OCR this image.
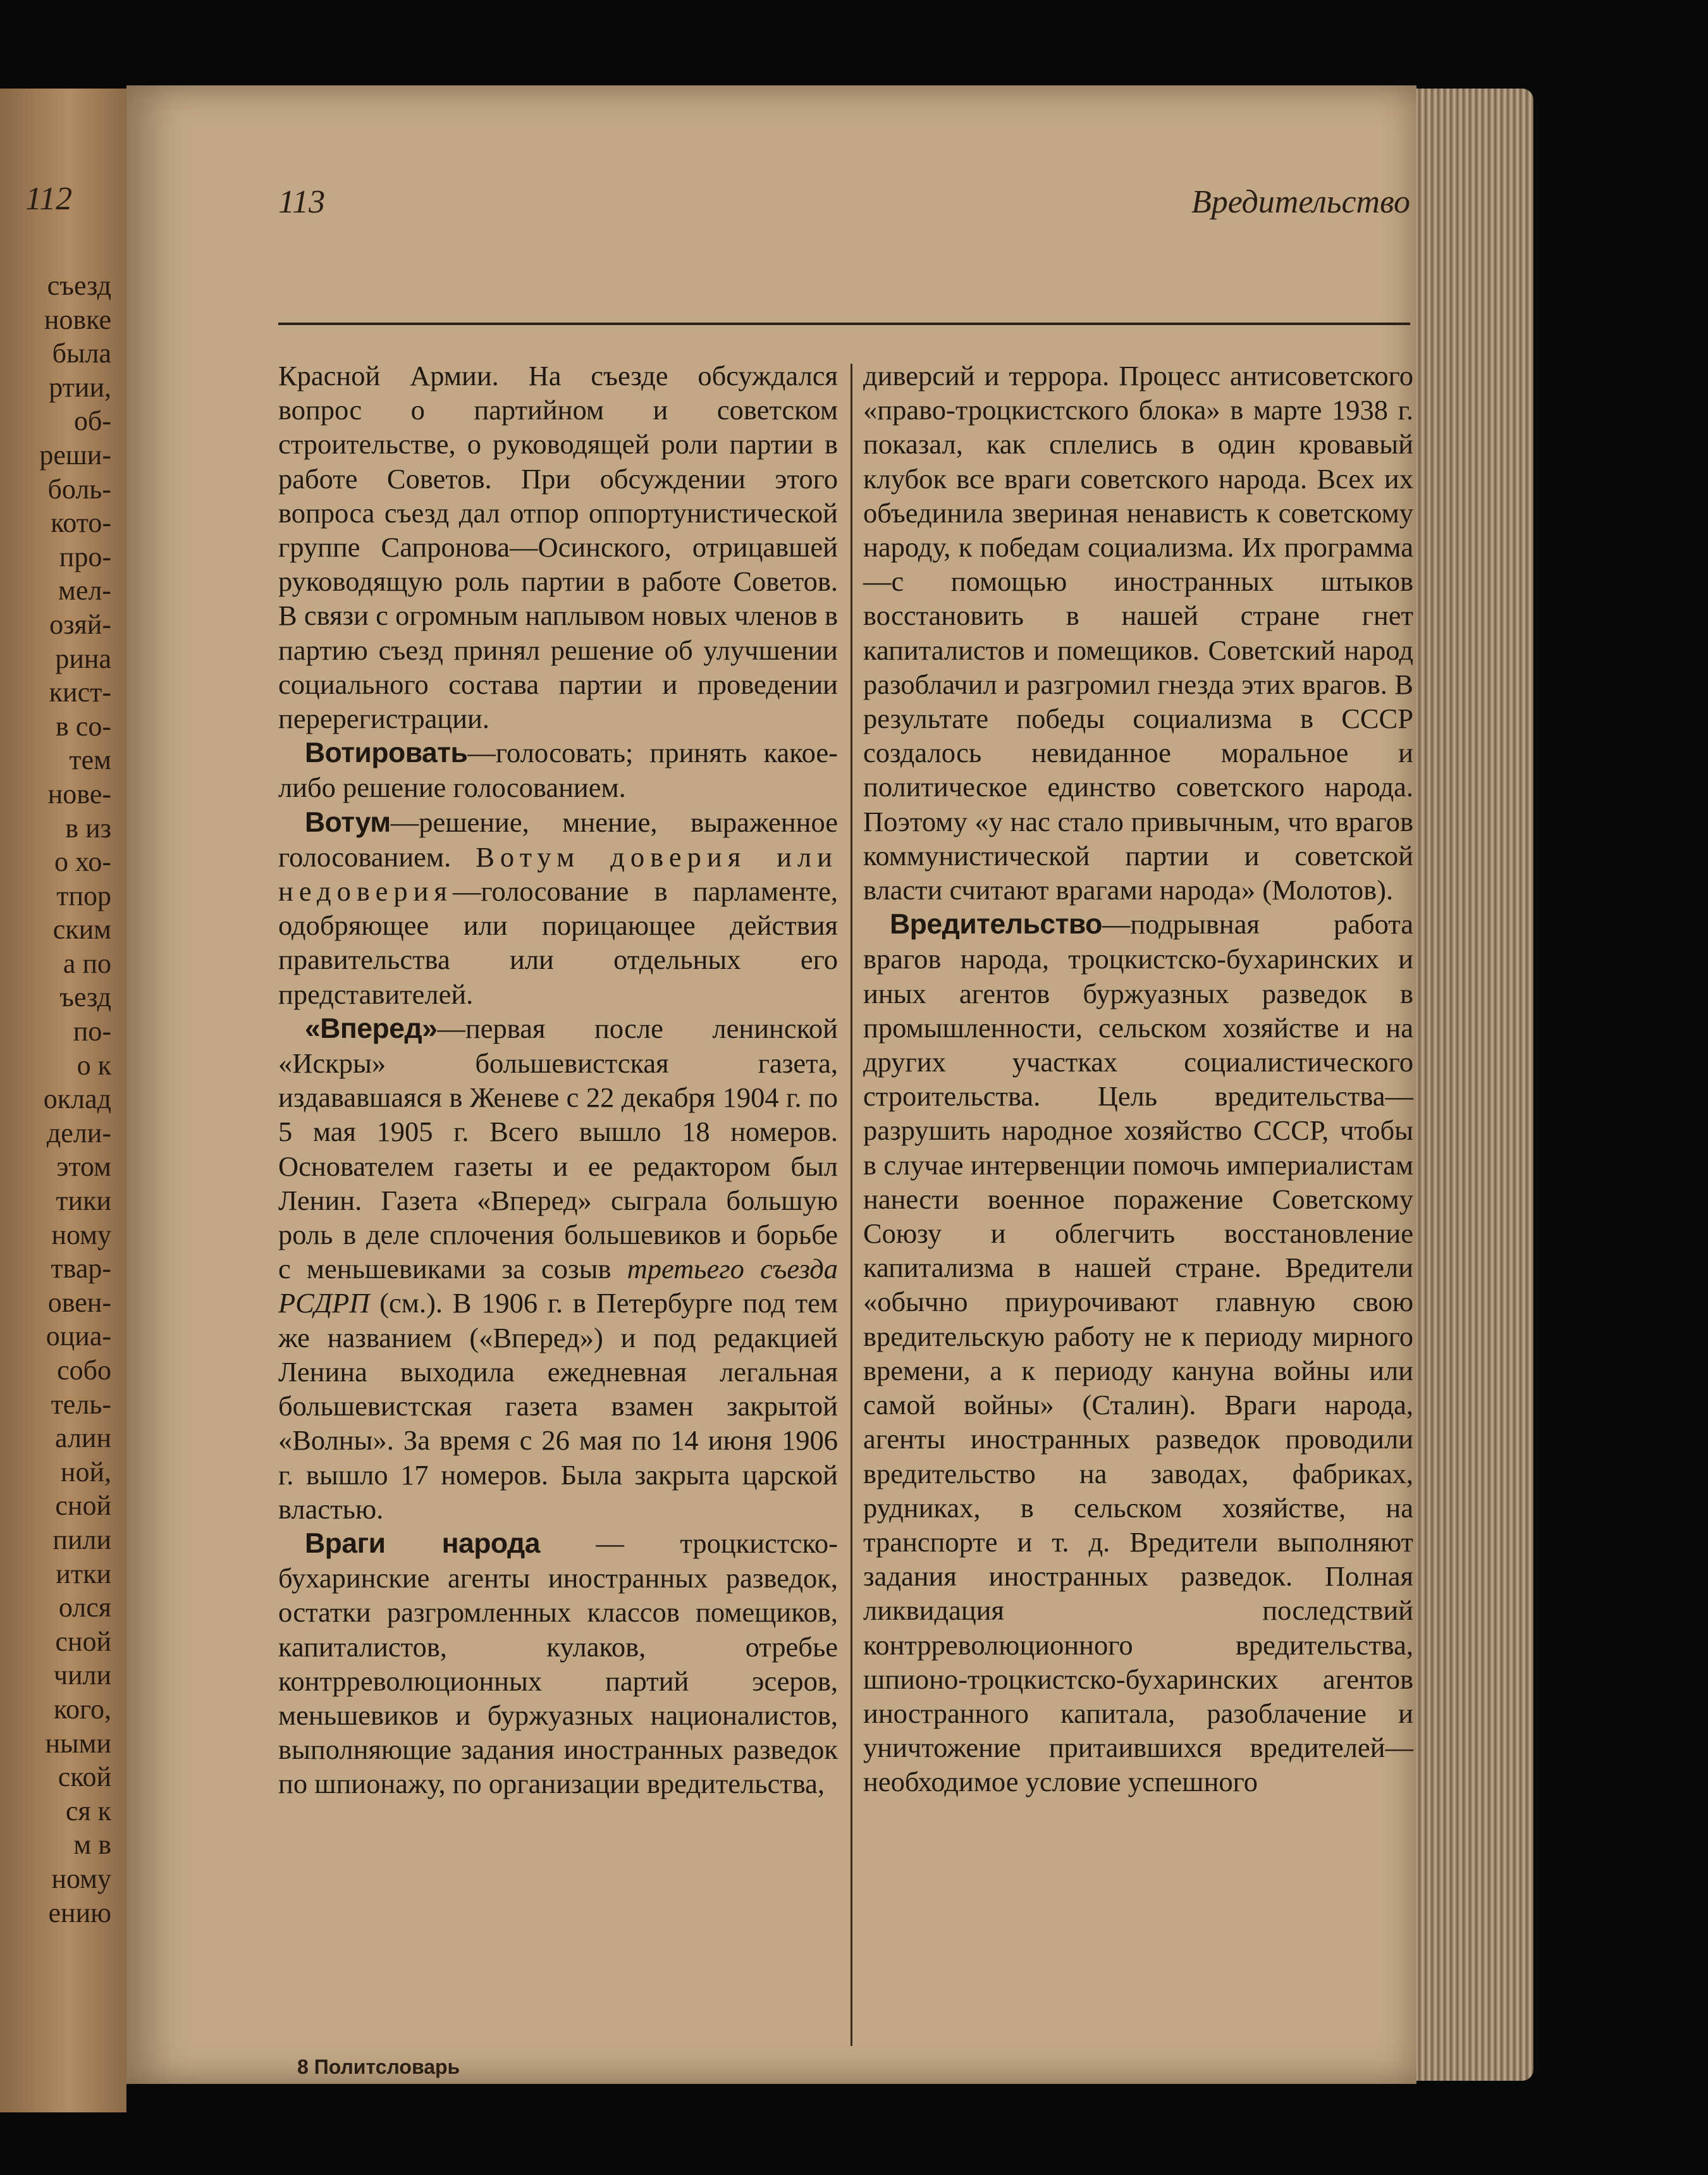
112
съезд
новке
была
ртии,
об-
реши-
боль-
кото-
про-
мел-
озяй-
рина
кист-
в со-
тем
нове-
в из
о хо-
тпор
ским
а по
ъезд
по-
о к
оклад
дели-
этом
тики
ному
твар-
овен-
оциа-
собо
тель-
алин
ной,
сной
пили
итки
олся
сной
чили
кого,
ными
ской
ся к
м в
ному
ению
113	Вредительство

Красной Армии. На съезде обсуждался вопрос о партийном и советском строительстве, о руководящей роли партии в работе Советов. При обсуждении этого вопроса съезд дал отпор оппортунистической группе Сапронова—Осинского, отрицавшей руководящую роль партии в работе Советов. В связи с огромным наплывом новых членов в партию съезд принял решение об улучшении социального состава партии и проведении перерегистрации.

Вотировать—голосовать; принять какое-либо решение голосованием.

Вотум—решение, мнение, выраженное голосованием. Вотум доверия или недоверия—голосование в парламенте, одобряющее или порицающее действия правительства или отдельных его представителей.

«Вперед»—первая после ленинской «Искры» большевистская газета, издававшаяся в Женеве с 22 декабря 1904 г. по 5 мая 1905 г. Всего вышло 18 номеров. Основателем газеты и ее редактором был Ленин. Газета «Вперед» сыграла большую роль в деле сплочения большевиков и борьбе с меньшевиками за созыв третьего съезда РСДРП (см.). В 1906 г. в Петербурге под тем же названием («Вперед») и под редакцией Ленина выходила ежедневная легальная большевистская газета взамен закрытой «Волны». За время с 26 мая по 14 июня 1906 г. вышло 17 номеров. Была закрыта царской властью.

Враги народа — троцкистско-бухаринские агенты иностранных разведок, остатки разгромленных классов помещиков, капиталистов, кулаков, отребье контрреволюционных партий эсеров, меньшевиков и буржуазных националистов, выполняющие задания иностранных разведок по шпионажу, по организации вредительства,

диверсий и террора. Процесс антисоветского «право-троцкистского блока» в марте 1938 г. показал, как сплелись в один кровавый клубок все враги советского народа. Всех их объединила звериная ненависть к советскому народу, к победам социализма. Их программа—с помощью иностранных штыков восстановить в нашей стране гнет капиталистов и помещиков. Советский народ разоблачил и разгромил гнезда этих врагов. В результате победы социализма в СССР создалось невиданное моральное и политическое единство советского народа. Поэтому «у нас стало привычным, что врагов коммунистической партии и советской власти считают врагами народа» (Молотов).

Вредительство—подрывная работа врагов народа, троцкистско-бухаринских и иных агентов буржуазных разведок в промышленности, сельском хозяйстве и на других участках социалистического строительства. Цель вредительства—разрушить народное хозяйство СССР, чтобы в случае интервенции помочь империалистам нанести военное поражение Советскому Союзу и облегчить восстановление капитализма в нашей стране. Вредители «обычно приурочивают главную свою вредительскую работу не к периоду мирного времени, а к периоду кануна войны или самой войны» (Сталин). Враги народа, агенты иностранных разведок проводили вредительство на заводах, фабриках, рудниках, в сельском хозяйстве, на транспорте и т. д. Вредители выполняют задания иностранных разведок. Полная ликвидация последствий контрреволюционного вредительства, шпионо-троцкистско-бухаринских агентов иностранного капитала, разоблачение и уничтожение притаившихся вредителей—необходимое условие успешного

8 Политсловарь
